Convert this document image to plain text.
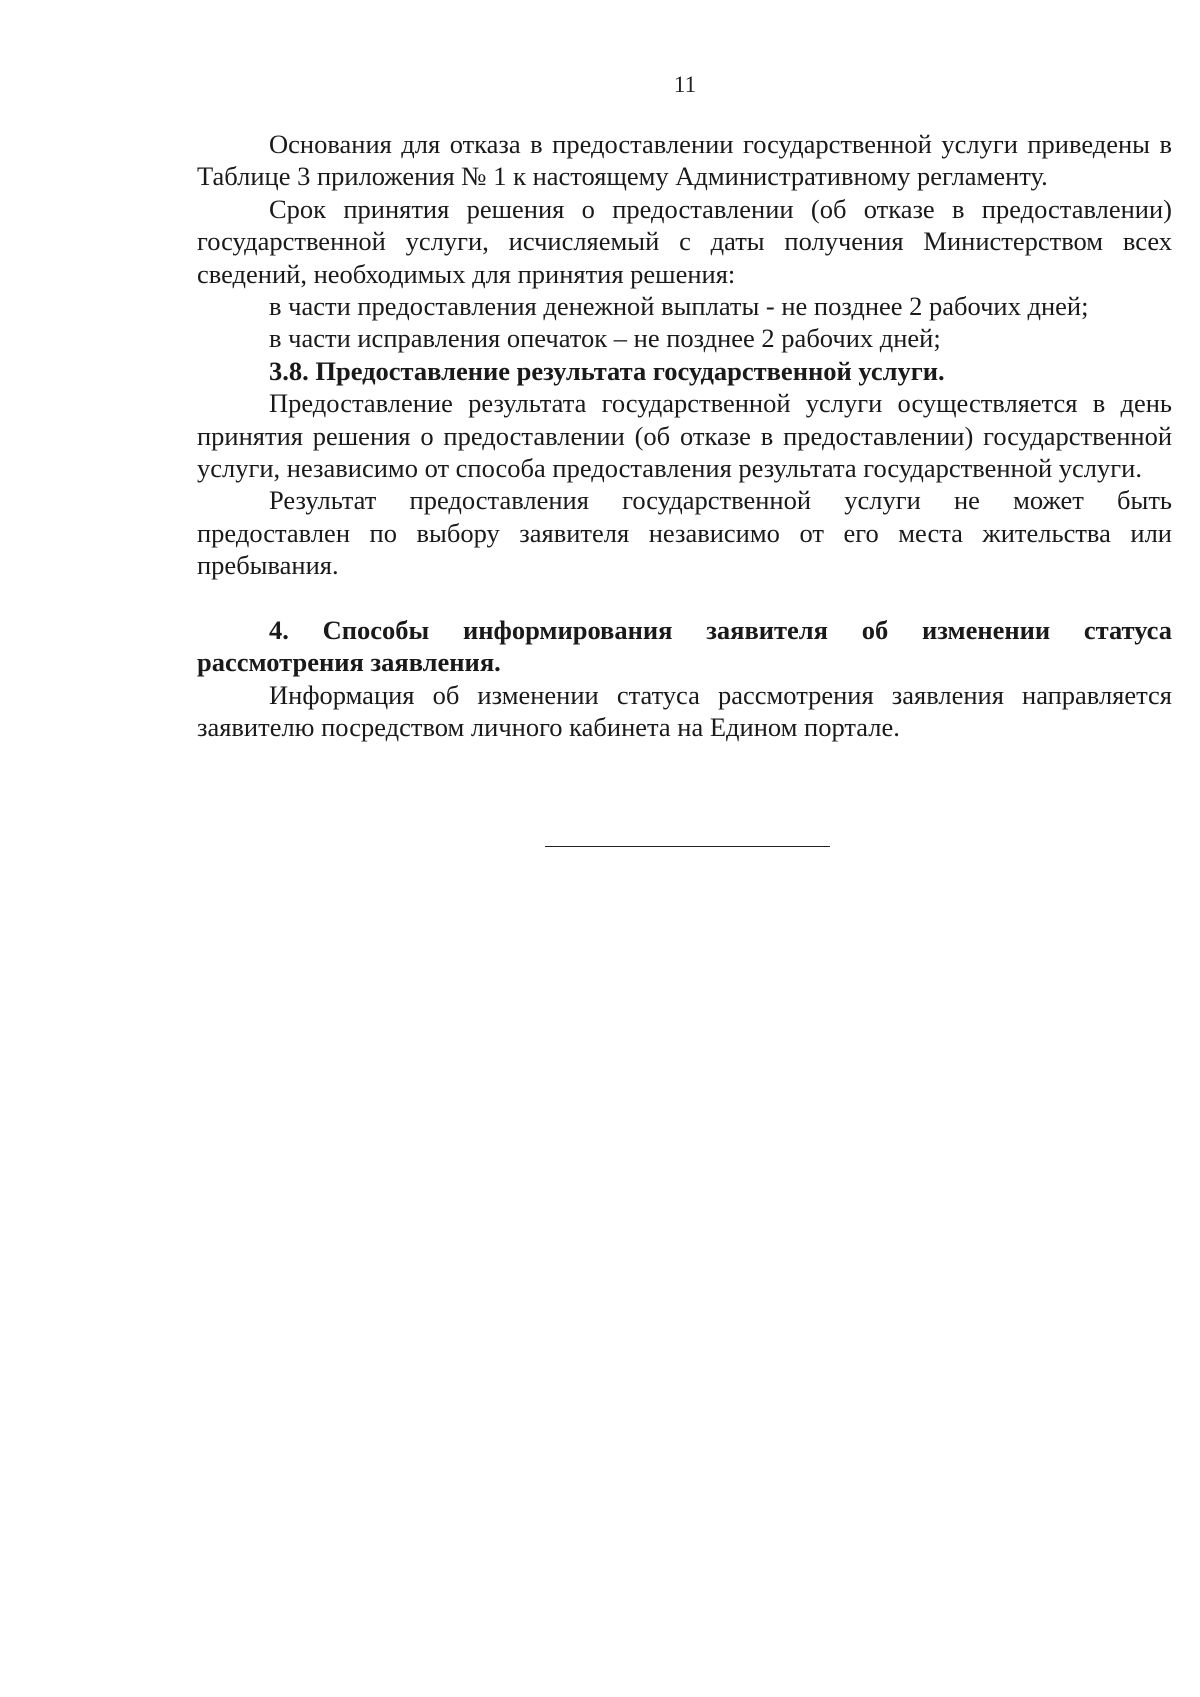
11

Основания для отказа в предоставлении государственной услуги приведены в Таблице 3 приложения № 1 к настоящему Административному регламенту.

Срок принятия решения о предоставлении (об отказе в предоставлении) государственной услуги, исчисляемый с даты получения Министерством всех сведений, необходимых для принятия решения:

в части предоставления денежной выплаты - не позднее 2 рабочих дней;

в части исправления опечаток – не позднее 2 рабочих дней;

3.8. Предоставление результата государственной услуги.

Предоставление результата государственной услуги осуществляется в день принятия решения о предоставлении (об отказе в предоставлении) государственной услуги, независимо от способа предоставления результата государственной услуги.

Результат предоставления государственной услуги не может быть предоставлен по выбору заявителя независимо от его места жительства или пребывания.

4. Способы информирования заявителя об изменении статуса рассмотрения заявления.

Информация об изменении статуса рассмотрения заявления направляется заявителю посредством личного кабинета на Едином портале.
